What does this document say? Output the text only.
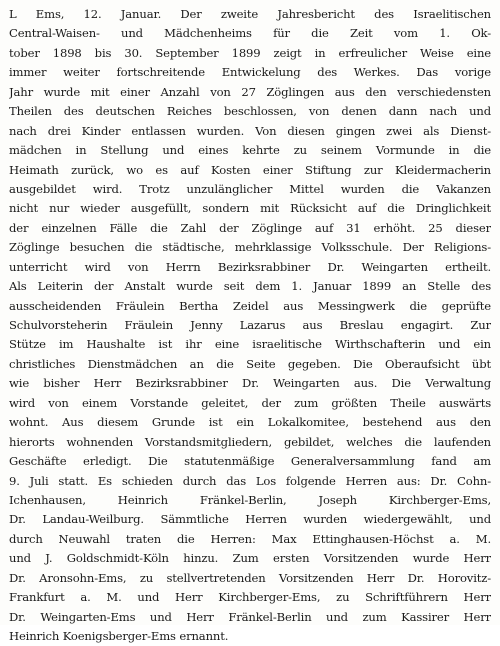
L Ems, 12. Januar. Der zweite Jahresbericht des Israelitischen
Central-Waisen- und Mädchenheims für die Zeit vom 1. Ok-
tober 1898 bis 30. September 1899 zeigt in erfreulicher Weise eine
immer weiter fortschreitende Entwickelung des Werkes. Das vorige
Jahr wurde mit einer Anzahl von 27 Zöglingen aus den verschiedensten
Theilen des deutschen Reiches beschlossen, von denen dann nach und
nach drei Kinder entlassen wurden. Von diesen gingen zwei als Dienst-
mädchen in Stellung und eines kehrte zu seinem Vormunde in die
Heimath zurück, wo es auf Kosten einer Stiftung zur Kleidermacherin
ausgebildet wird. Trotz unzulänglicher Mittel wurden die Vakanzen
nicht nur wieder ausgefüllt, sondern mit Rücksicht auf die Dringlichkeit
der einzelnen Fälle die Zahl der Zöglinge auf 31 erhöht. 25 dieser
Zöglinge besuchen die städtische, mehrklassige Volksschule. Der Religions-
unterricht wird von Herrn Bezirksrabbiner Dr. Weingarten ertheilt.
Als Leiterin der Anstalt wurde seit dem 1. Januar 1899 an Stelle des
ausscheidenden Fräulein Bertha Zeidel aus Messingwerk die geprüfte
Schulvorsteherin Fräulein Jenny Lazarus aus Breslau engagirt. Zur
Stütze im Haushalte ist ihr eine israelitische Wirthschafterin und ein
christliches Dienstmädchen an die Seite gegeben. Die Oberaufsicht übt
wie bisher Herr Bezirksrabbiner Dr. Weingarten aus. Die Verwaltung
wird von einem Vorstande geleitet, der zum größten Theile auswärts
wohnt. Aus diesem Grunde ist ein Lokalkomitee, bestehend aus den
hierorts wohnenden Vorstandsmitgliedern, gebildet, welches die laufenden
Geschäfte erledigt. Die statutenmäßige Generalversammlung fand am
9. Juli statt. Es schieden durch das Los folgende Herren aus: Dr. Cohn-
Ichenhausen, Heinrich Fränkel-Berlin, Joseph Kirchberger-Ems,
Dr. Landau-Weilburg. Sämmtliche Herren wurden wiedergewählt, und
durch Neuwahl traten die Herren: Max Ettinghausen-Höchst a. M.
und J. Goldschmidt-Köln hinzu. Zum ersten Vorsitzenden wurde Herr
Dr. Aronsohn-Ems, zu stellvertretenden Vorsitzenden Herr Dr. Horovitz-
Frankfurt a. M. und Herr Kirchberger-Ems, zu Schriftführern Herr
Dr. Weingarten-Ems und Herr Fränkel-Berlin und zum Kassirer Herr
Heinrich Koenigsberger-Ems ernannt.
